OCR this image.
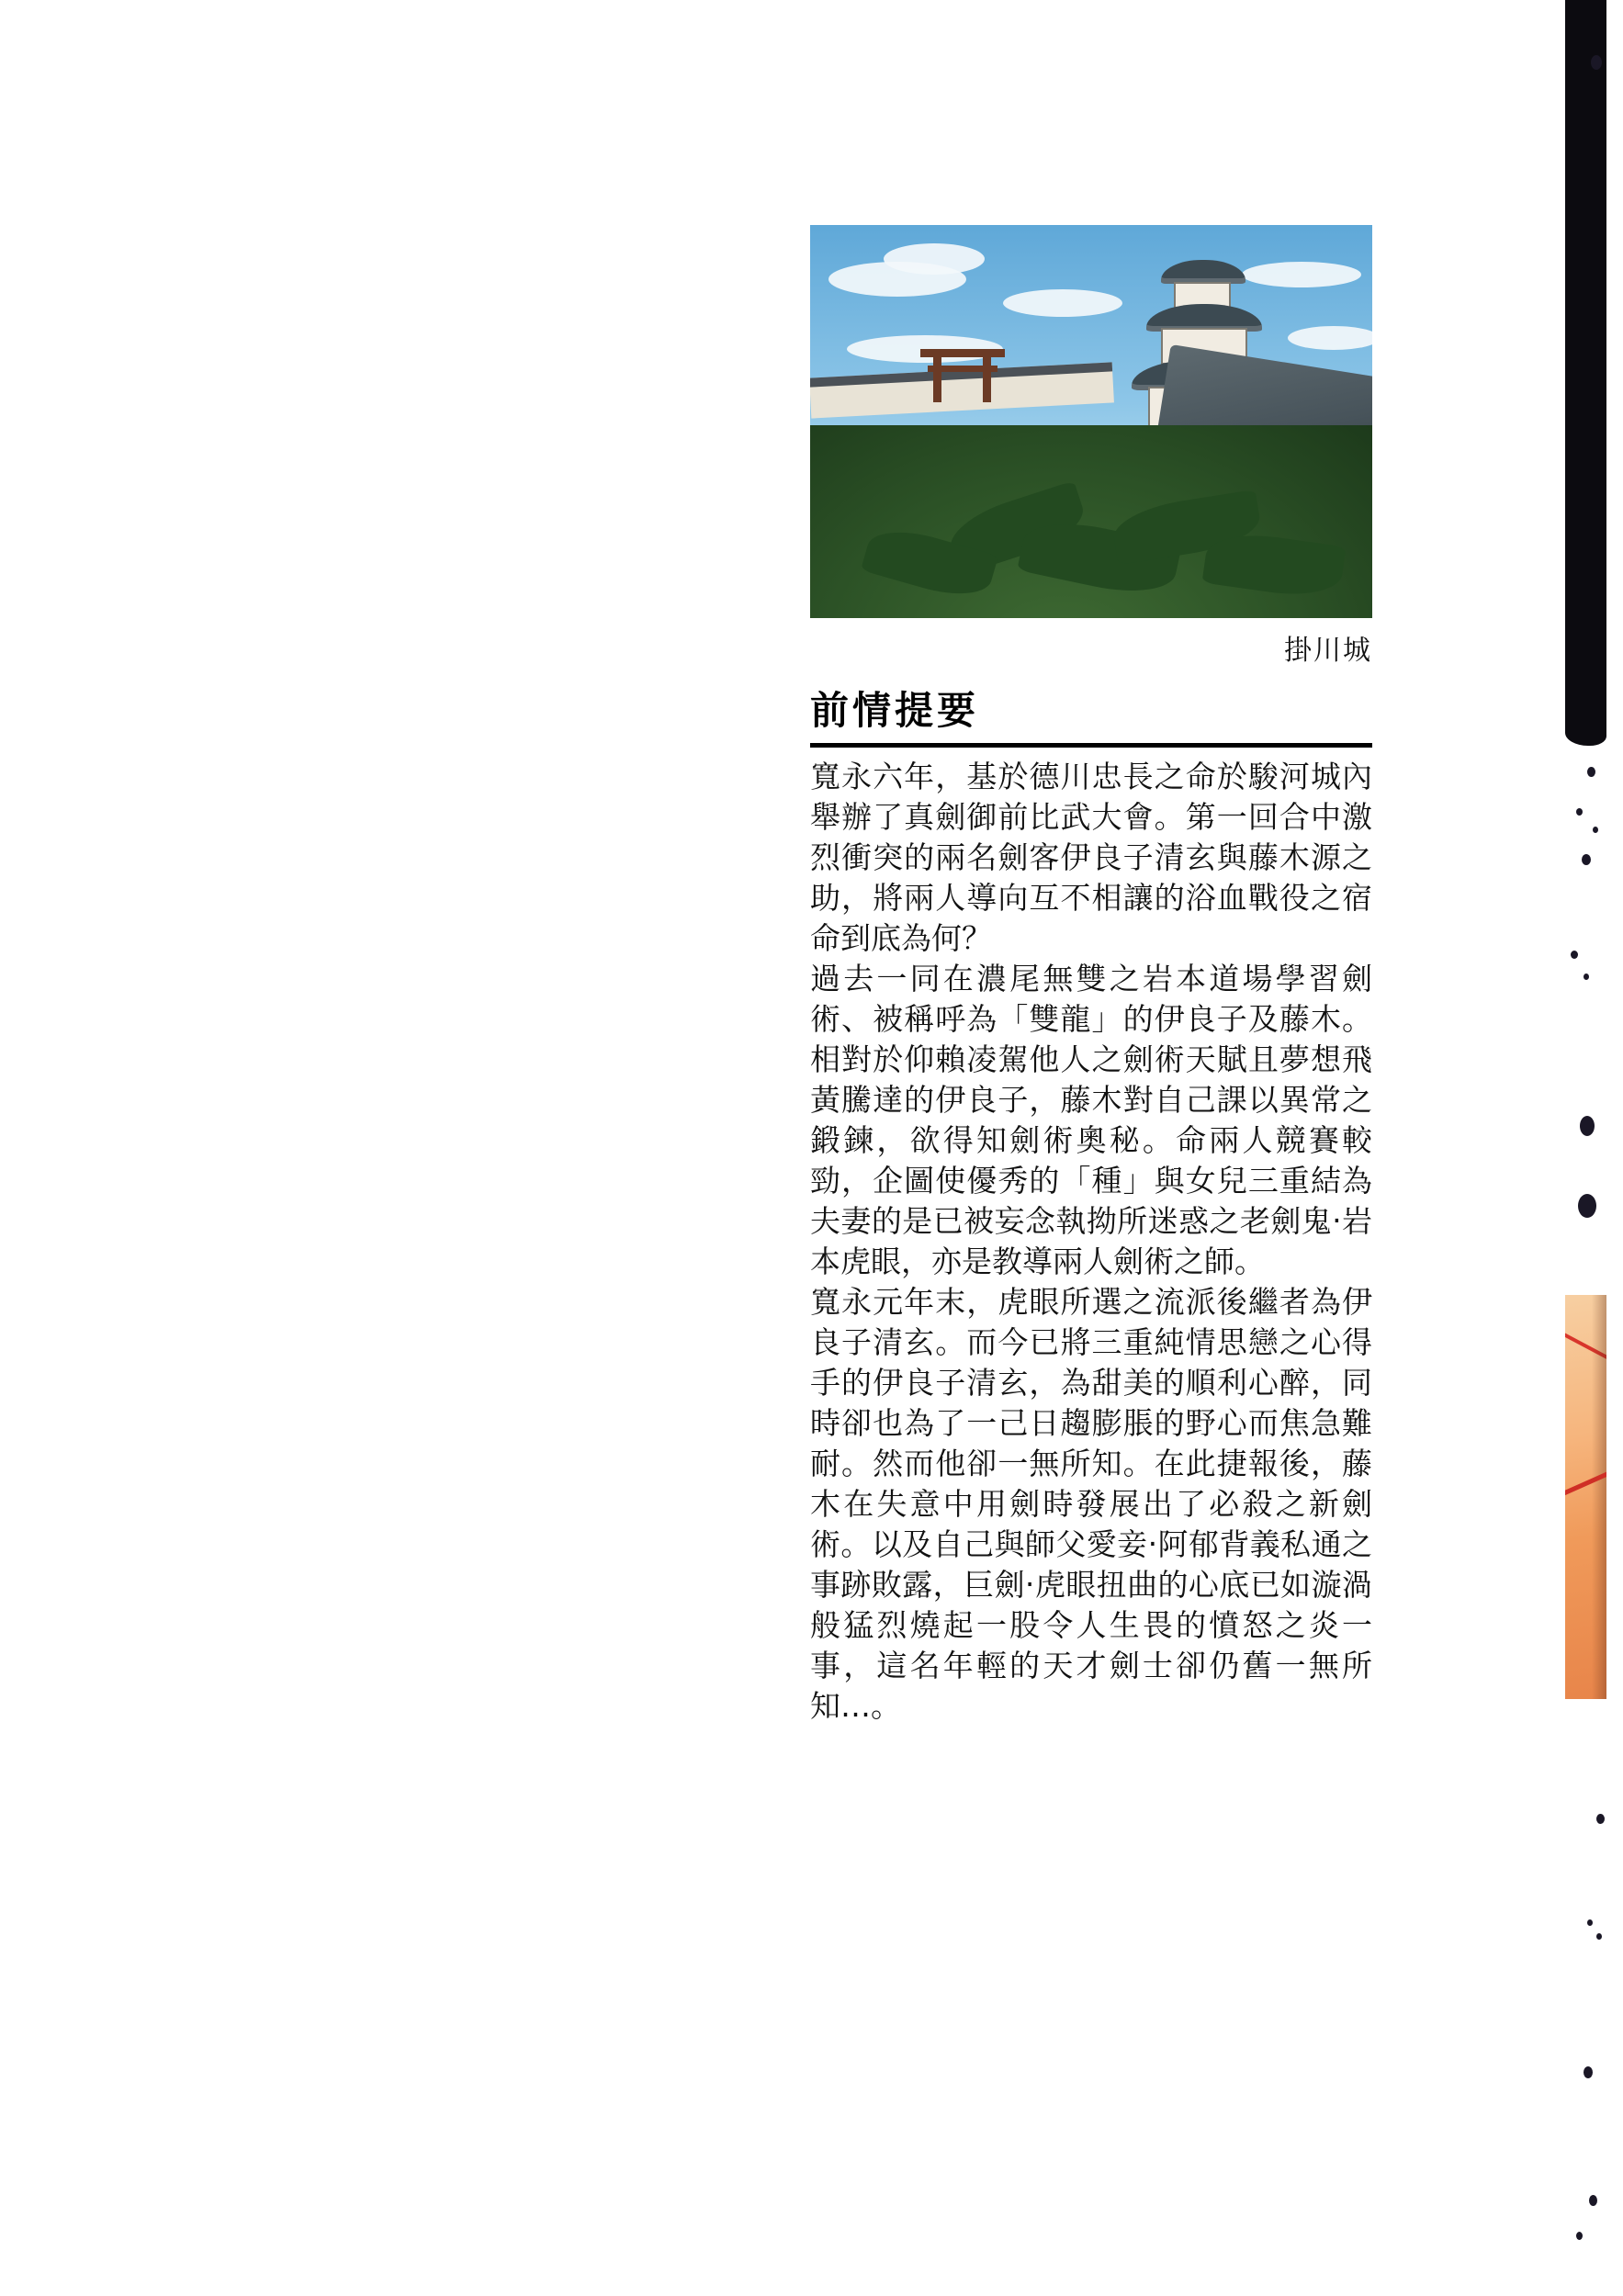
掛川城
前情提要

寬永六年，基於德川忠長之命於駿河城內舉辦了真劍御前比武大會。第一回合中激烈衝突的兩名劍客伊良子清玄與藤木源之助，將兩人導向互不相讓的浴血戰役之宿命到底為何？

過去一同在濃尾無雙之岩本道場學習劍術、被稱呼為「雙龍」的伊良子及藤木。相對於仰賴凌駕他人之劍術天賦且夢想飛黃騰達的伊良子，藤木對自己課以異常之鍛鍊，欲得知劍術奧秘。命兩人競賽較勁，企圖使優秀的「種」與女兒三重結為夫妻的是已被妄念執拗所迷惑之老劍鬼‧岩本虎眼，亦是教導兩人劍術之師。

寬永元年末，虎眼所選之流派後繼者為伊良子清玄。而今已將三重純情思戀之心得手的伊良子清玄，為甜美的順利心醉，同時卻也為了一己日趨膨脹的野心而焦急難耐。然而他卻一無所知。在此捷報後，藤木在失意中用劍時發展出了必殺之新劍術。以及自己與師父愛妾‧阿郁背義私通之事跡敗露，巨劍‧虎眼扭曲的心底已如漩渦般猛烈燒起一股令人生畏的憤怒之炎一事，這名年輕的天才劍士卻仍舊一無所知…。
